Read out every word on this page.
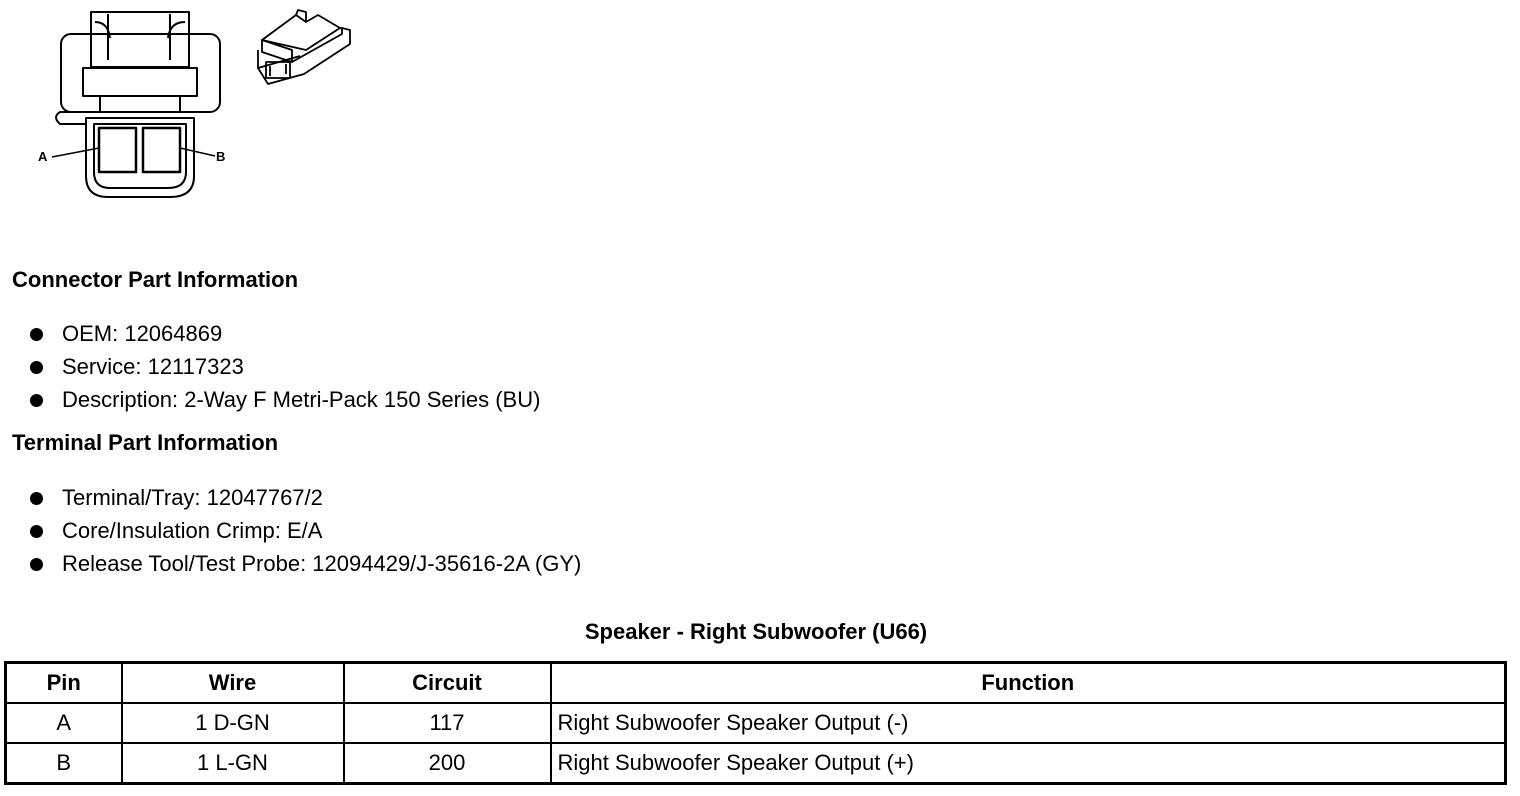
A	B
Connector Part Information
OEM: 12064869
Service: 12117323
Description: 2-Way F Metri-Pack 150 Series (BU)
Terminal Part Information
Terminal/Tray: 12047767/2
Core/Insulation Crimp: E/A
Release Tool/Test Probe: 12094429/J-35616-2A (GY)
Speaker - Right Subwoofer (U66)
Pin	Wire	Circuit	Function
A	1 D-GN	117	Right Subwoofer Speaker Output (-)
B	1 L-GN	200	Right Subwoofer Speaker Output (+)
